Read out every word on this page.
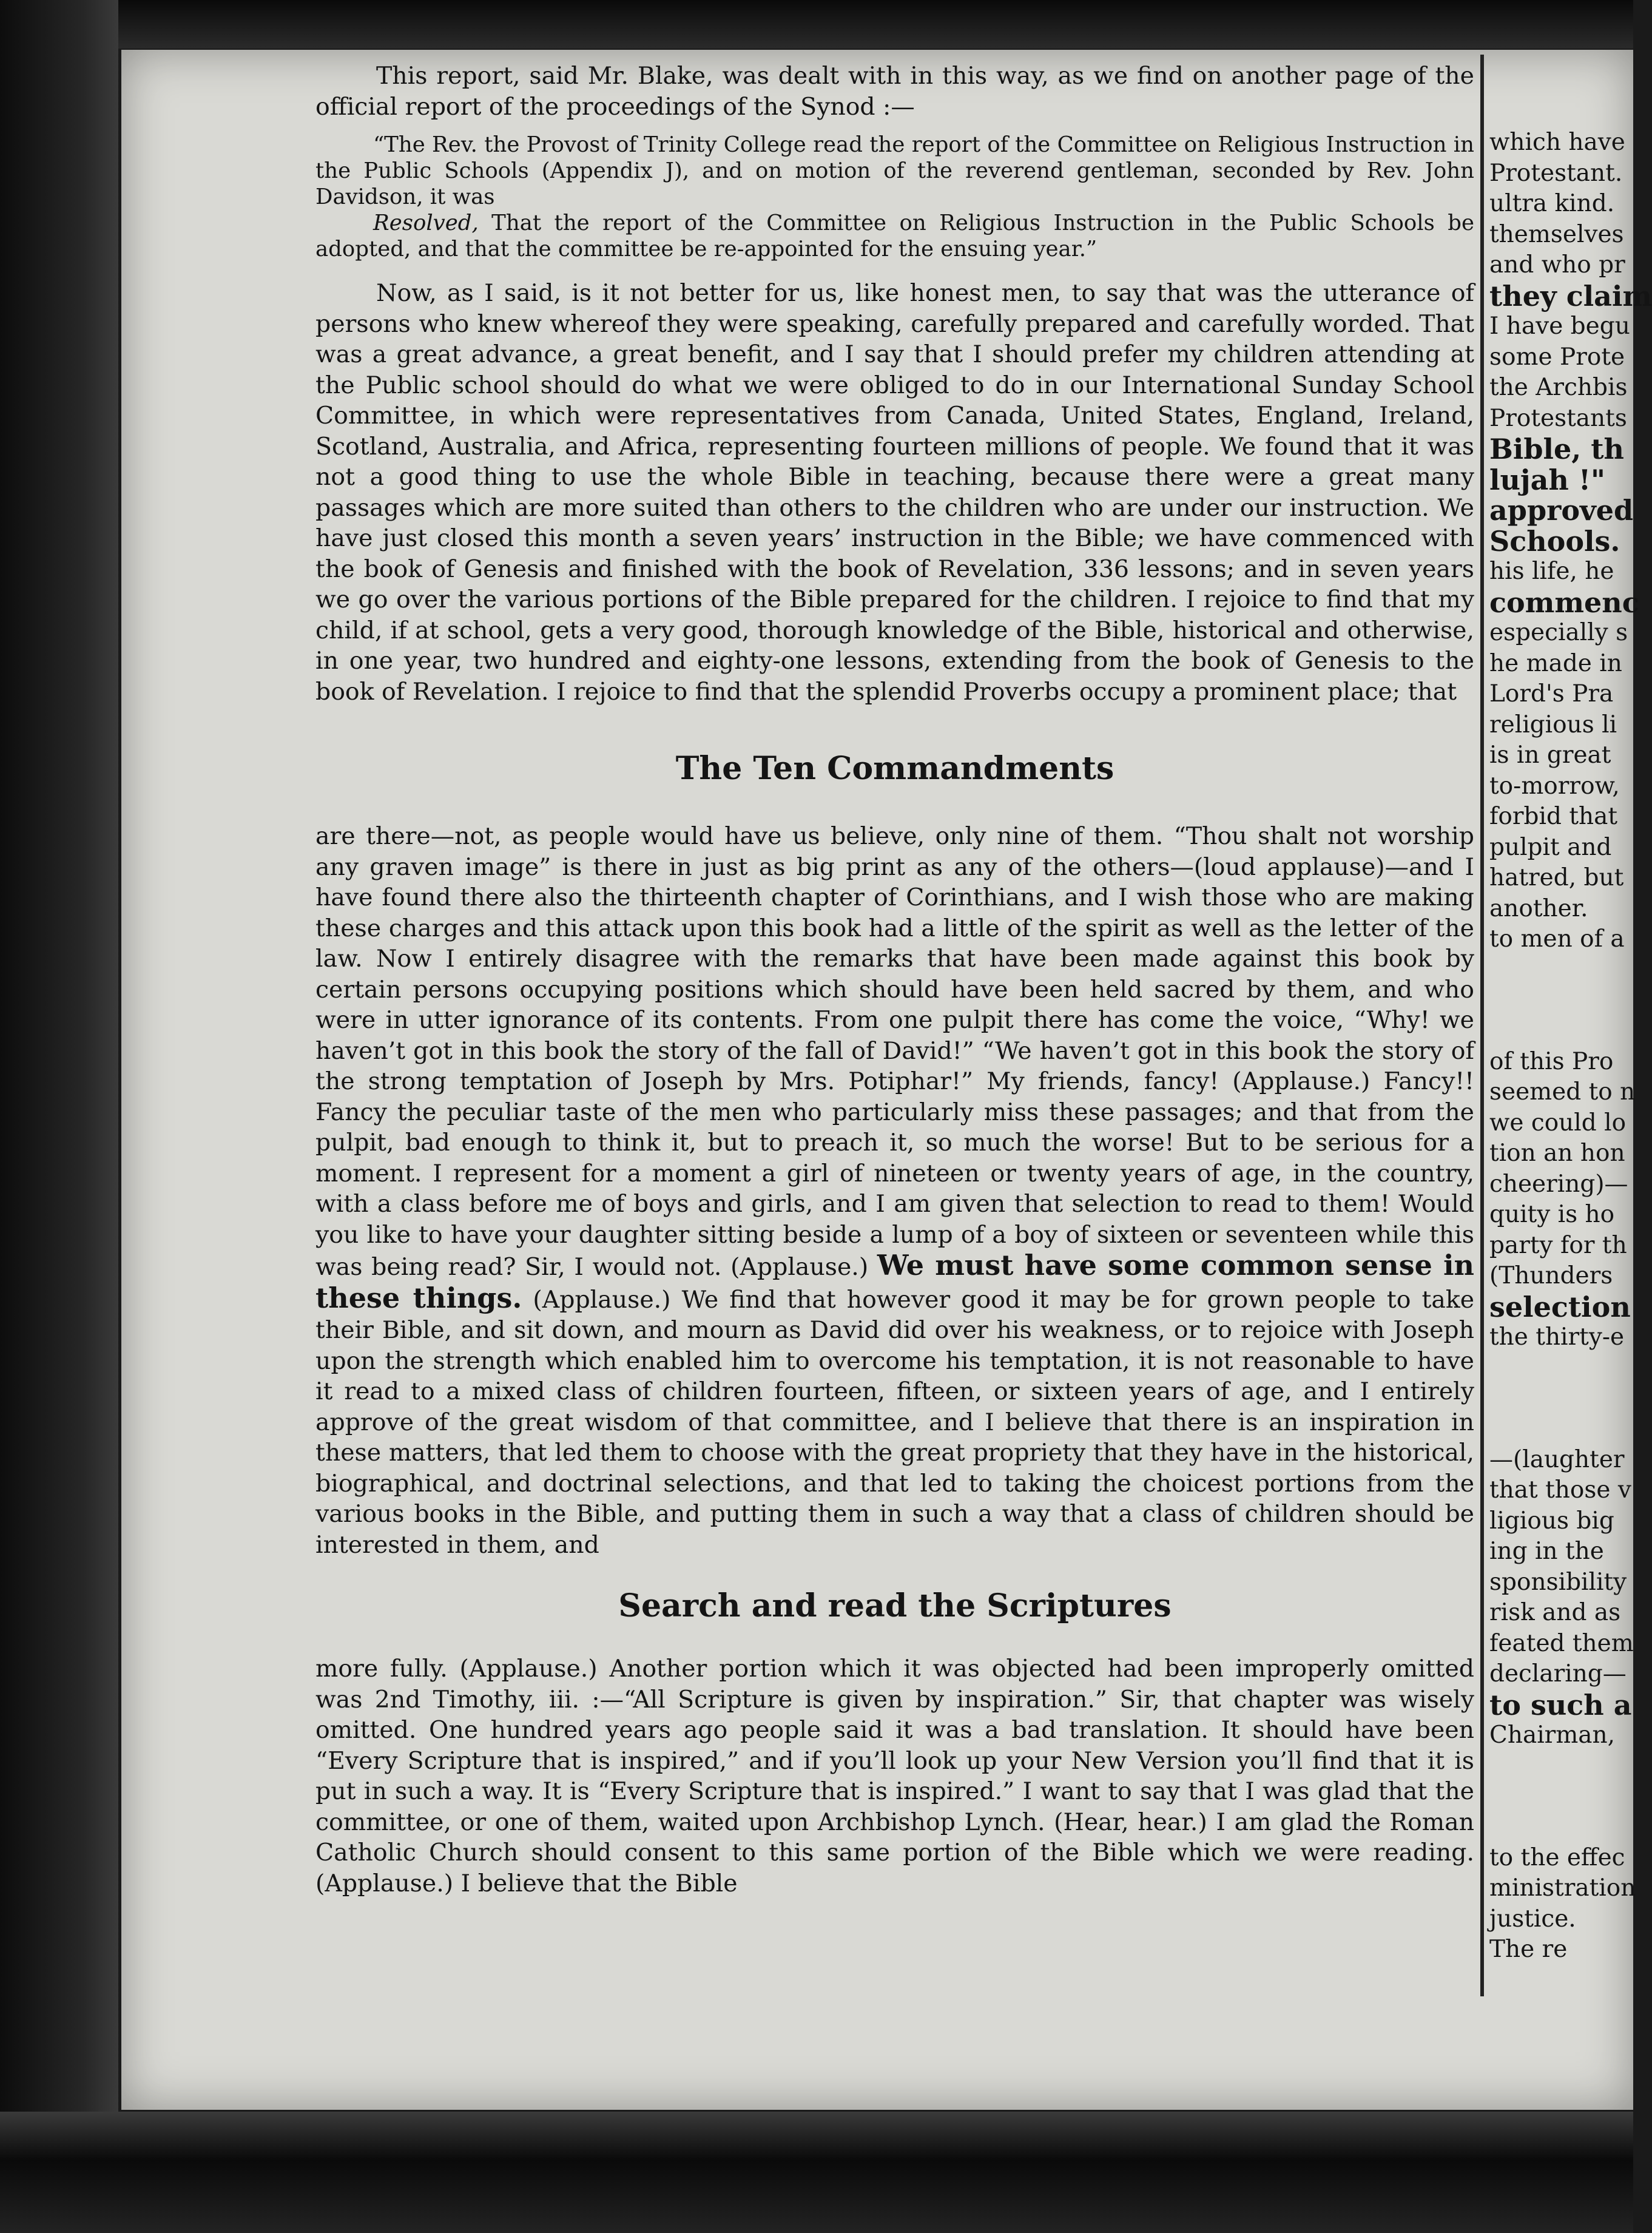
This report, said Mr. Blake, was dealt with in this way, as we find on another page of the official report of the proceedings of the Synod :—

“The Rev. the Provost of Trinity College read the report of the Committee on Religious Instruction in the Public Schools (Appendix J), and on motion of the reverend gentleman, seconded by Rev. John Davidson, it was

Resolved, That the report of the Committee on Religious Instruction in the Public Schools be adopted, and that the committee be re-appointed for the ensuing year.”

Now, as I said, is it not better for us, like honest men, to say that was the utterance of persons who knew whereof they were speaking, carefully prepared and carefully worded. That was a great advance, a great benefit, and I say that I should prefer my children attending at the Public school should do what we were obliged to do in our International Sunday School Committee, in which were representatives from Canada, United States, England, Ireland, Scotland, Australia, and Africa, representing fourteen millions of people. We found that it was not a good thing to use the whole Bible in teaching, because there were a great many passages which are more suited than others to the children who are under our instruction. We have just closed this month a seven years’ instruction in the Bible; we have commenced with the book of Genesis and finished with the book of Revelation, 336 lessons; and in seven years we go over the various portions of the Bible prepared for the children. I rejoice to find that my child, if at school, gets a very good, thorough knowledge of the Bible, historical and otherwise, in one year, two hundred and eighty-one lessons, extending from the book of Genesis to the book of Revelation. I rejoice to find that the splendid Proverbs occupy a prominent place; that

The Ten Commandments

are there—not, as people would have us believe, only nine of them. “Thou shalt not worship any graven image” is there in just as big print as any of the others—(loud applause)—and I have found there also the thirteenth chapter of Corinthians, and I wish those who are making these charges and this attack upon this book had a little of the spirit as well as the letter of the law. Now I entirely disagree with the remarks that have been made against this book by certain persons occupying positions which should have been held sacred by them, and who were in utter ignorance of its contents. From one pulpit there has come the voice, “Why! we haven’t got in this book the story of the fall of David!” “We haven’t got in this book the story of the strong temptation of Joseph by Mrs. Potiphar!” My friends, fancy! (Applause.) Fancy!! Fancy the peculiar taste of the men who particularly miss these passages; and that from the pulpit, bad enough to think it, but to preach it, so much the worse! But to be serious for a moment. I represent for a moment a girl of nineteen or twenty years of age, in the country, with a class before me of boys and girls, and I am given that selection to read to them! Would you like to have your daughter sitting beside a lump of a boy of sixteen or seventeen while this was being read? Sir, I would not. (Applause.) We must have some common sense in these things. (Applause.) We find that however good it may be for grown people to take their Bible, and sit down, and mourn as David did over his weakness, or to rejoice with Joseph upon the strength which enabled him to overcome his temptation, it is not reasonable to have it read to a mixed class of children fourteen, fifteen, or sixteen years of age, and I entirely approve of the great wisdom of that committee, and I believe that there is an inspiration in these matters, that led them to choose with the great propriety that they have in the historical, biographical, and doctrinal selections, and that led to taking the choicest portions from the various books in the Bible, and putting them in such a way that a class of children should be interested in them, and

Search and read the Scriptures

more fully. (Applause.) Another portion which it was objected had been improperly omitted was 2nd Timothy, iii. :—“All Scripture is given by inspiration.” Sir, that chapter was wisely omitted. One hundred years ago people said it was a bad translation. It should have been “Every Scripture that is inspired,” and if you’ll look up your New Version you’ll find that it is put in such a way. It is “Every Scripture that is inspired.” I want to say that I was glad that the committee, or one of them, waited upon Archbishop Lynch. (Hear, hear.) I am glad the Roman Catholic Church should consent to this same portion of the Bible which we were reading. (Applause.) I believe that the Bible

which have
Protestant.
ultra kind.
themselves
and who pr
they claim
I have begu
some Prote
the Archbis
Protestants
Bible, th
lujah !"
approved
Schools.
his life, he
commenc
especially s
he made in
Lord's Pra
religious li
is in great
to-morrow,
forbid that
pulpit and
hatred, but
another.
to men of a
of this Pro
seemed to n
we could lo
tion an hon
cheering)—
quity is ho
party for th
(Thunders
selection
the thirty-e
—(laughter
that those v
ligious big
ing in the
sponsibility
risk and as
feated them
declaring—
to such a
Chairman,
to the effec
ministration
justice.
The re
